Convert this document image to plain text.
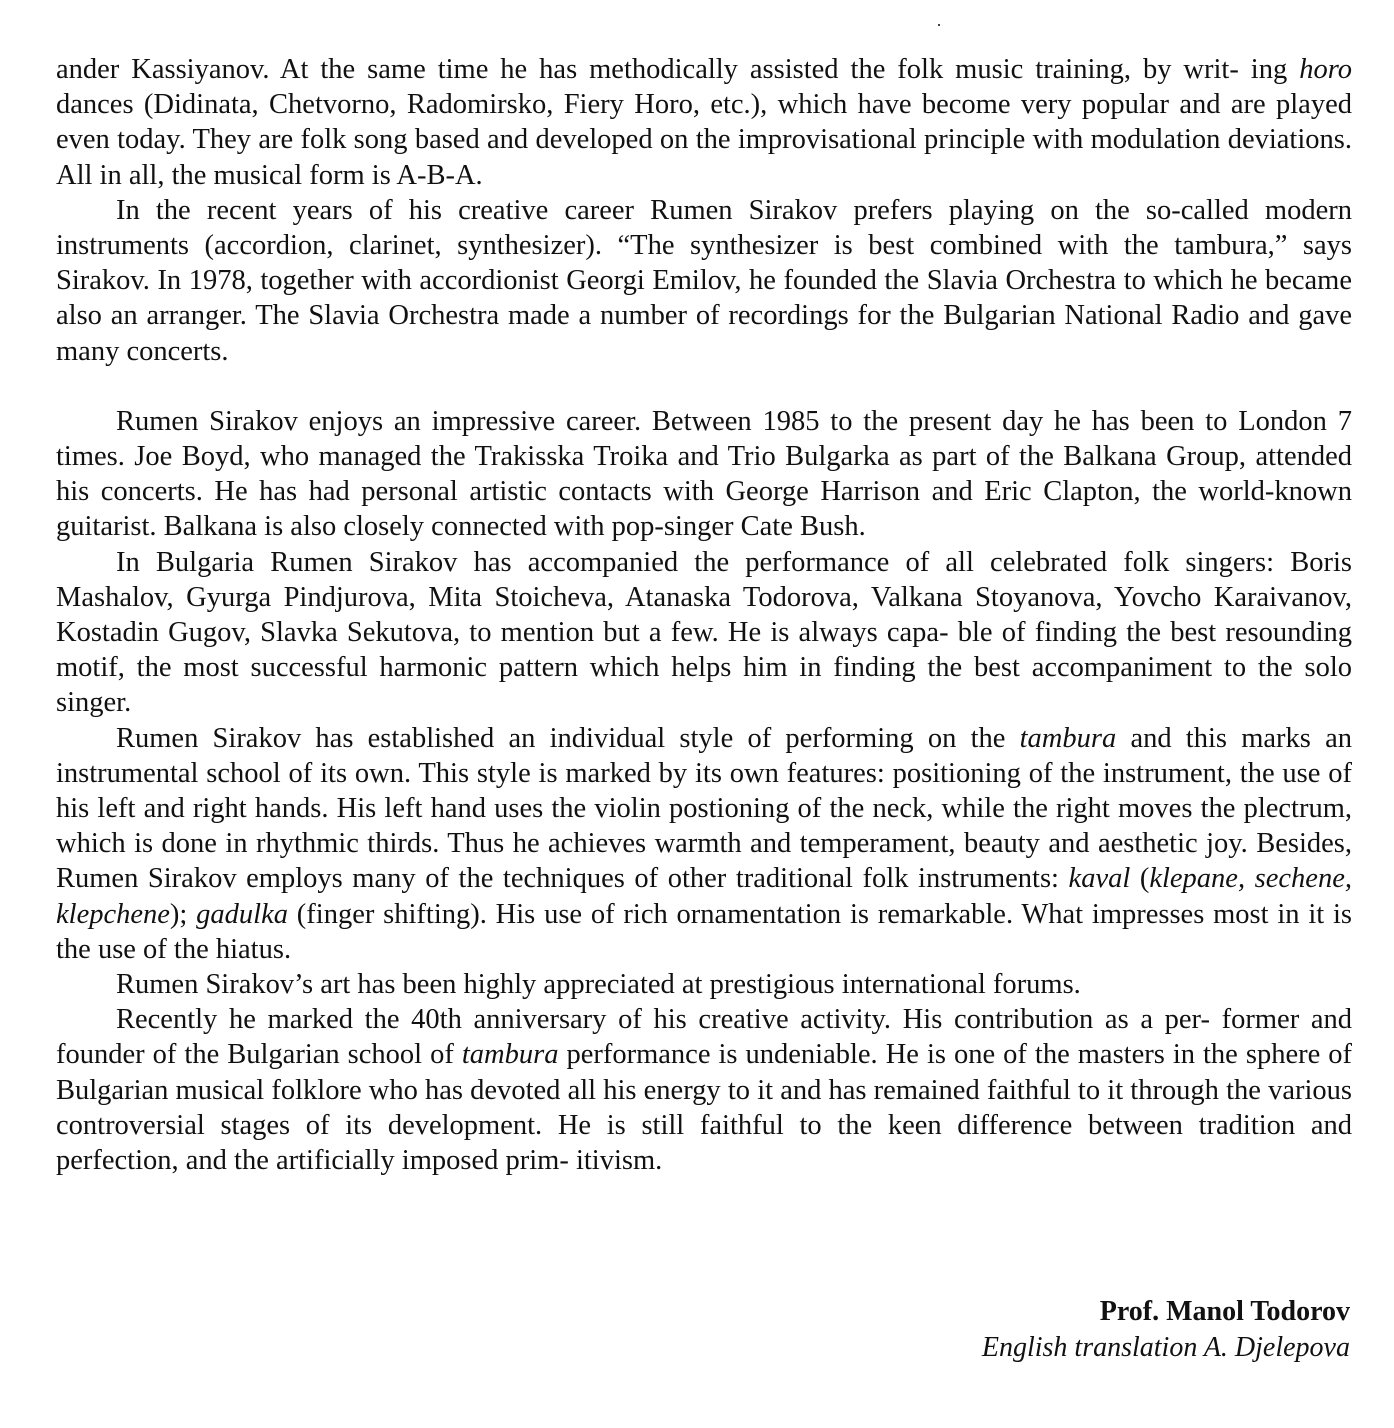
ander Kassiyanov. At the same time he has methodically assisted the folk music training, by writ- ing horo dances (Didinata, Chetvorno, Radomirsko, Fiery Horo, etc.), which have become very popular and are played even today. They are folk song based and developed on the improvisational principle with modulation deviations. All in all, the musical form is A-B-A.

In the recent years of his creative career Rumen Sirakov prefers playing on the so-called modern instruments (accordion, clarinet, synthesizer). “The synthesizer is best combined with the tambura,” says Sirakov. In 1978, together with accordionist Georgi Emilov, he founded the Slavia Orchestra to which he became also an arranger. The Slavia Orchestra made a number of recordings for the Bulgarian National Radio and gave many concerts.

Rumen Sirakov enjoys an impressive career. Between 1985 to the present day he has been to London 7 times. Joe Boyd, who managed the Trakisska Troika and Trio Bulgarka as part of the Balkana Group, attended his concerts. He has had personal artistic contacts with George Harrison and Eric Clapton, the world-known guitarist. Balkana is also closely connected with pop-singer Cate Bush.

In Bulgaria Rumen Sirakov has accompanied the performance of all celebrated folk singers: Boris Mashalov, Gyurga Pindjurova, Mita Stoicheva, Atanaska Todorova, Valkana Stoyanova, Yovcho Karaivanov, Kostadin Gugov, Slavka Sekutova, to mention but a few. He is always capa- ble of finding the best resounding motif, the most successful harmonic pattern which helps him in finding the best accompaniment to the solo singer.

Rumen Sirakov has established an individual style of performing on the tambura and this marks an instrumental school of its own. This style is marked by its own features: positioning of the instrument, the use of his left and right hands. His left hand uses the violin postioning of the neck, while the right moves the plectrum, which is done in rhythmic thirds. Thus he achieves warmth and temperament, beauty and aesthetic joy. Besides, Rumen Sirakov employs many of the techniques of other traditional folk instruments: kaval (klepane, sechene, klepchene); gadulka (finger shifting). His use of rich ornamentation is remarkable. What impresses most in it is the use of the hiatus.

Rumen Sirakov’s art has been highly appreciated at prestigious international forums.

Recently he marked the 40th anniversary of his creative activity. His contribution as a per- former and founder of the Bulgarian school of tambura performance is undeniable. He is one of the masters in the sphere of Bulgarian musical folklore who has devoted all his energy to it and has remained faithful to it through the various controversial stages of its development. He is still faithful to the keen difference between tradition and perfection, and the artificially imposed prim- itivism.

Prof. Manol Todorov
English translation A. Djelepova
